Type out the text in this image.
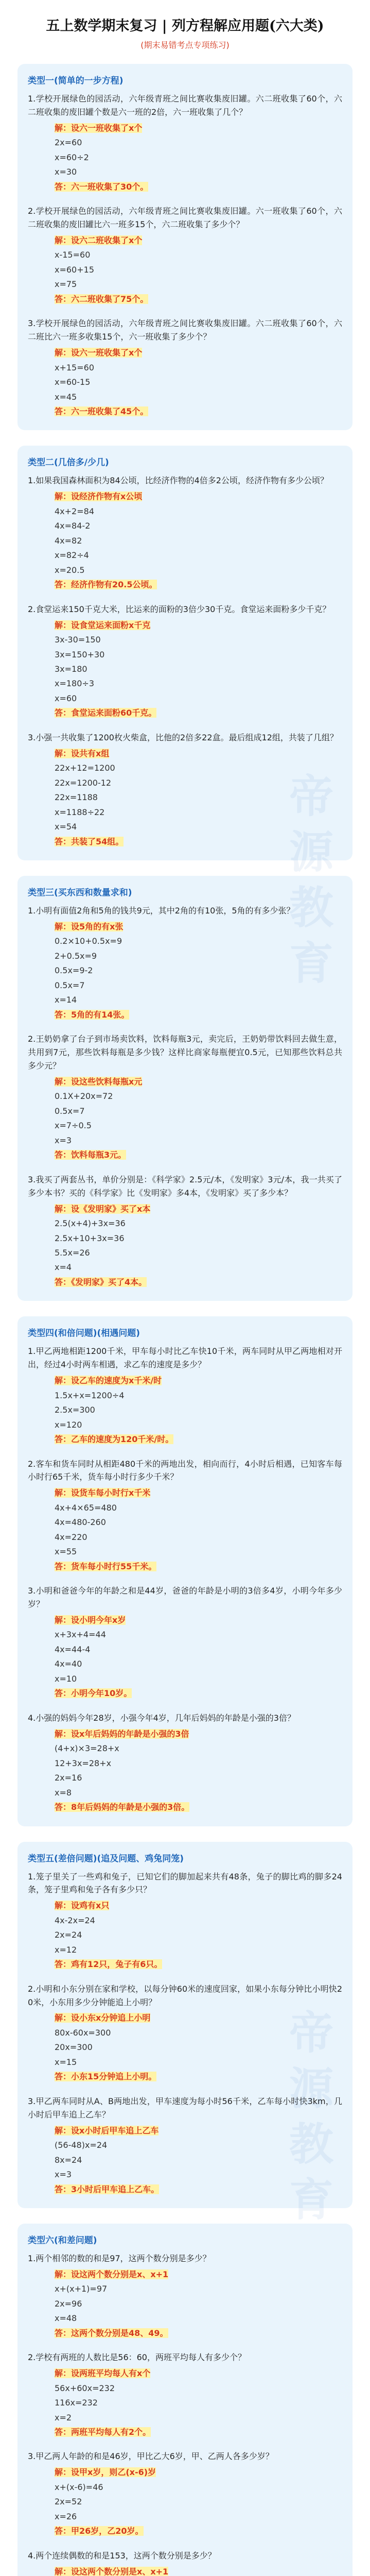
五上数学期末复习 | 列方程解应用题(六大类)
(期末易错考点专项练习)
类型一(简单的一步方程)
1.学校开展绿色的园活动，六年级青班之间比赛收集废旧罐。六二班收集了60个，六二班收集的废旧罐个数是六一班的2倍，六一班收集了几个？
解：设六一班收集了x个
2x=60
x=60÷2
x=30
答：六一班收集了30个。
2.学校开展绿色的园活动，六年级青班之间比赛收集废旧罐。六一班收集了60个，六二班收集的废旧罐比六一班多15个，六二班收集了多少个？
解：设六二班收集了x个
x-15=60
x=60+15
x=75
答：六二班收集了75个。
3.学校开展绿色的园活动，六年级青班之间比赛收集废旧罐。六二班收集了60个，六二班比六一班多收集15个，六一班收集了多少个？
解：设六一班收集了x个
x+15=60
x=60-15
x=45
答：六一班收集了45个。
类型二(几倍多/少几)
1.如果我国森林面积为84公顷，比经济作物的4倍多2公顷，经济作物有多少公顷？
解：设经济作物有x公顷
4x+2=84
4x=84-2
4x=82
x=82÷4
x=20.5
答：经济作物有20.5公顷。
2.食堂运来150千克大米，比运来的面粉的3倍少30千克。食堂运来面粉多少千克？
解：设食堂运来面粉x千克
3x-30=150
3x=150+30
3x=180
x=180÷3
x=60
答：食堂运来面粉60千克。
3.小强一共收集了1200枚火柴盒，比他的2倍多22盒。最后组成12组，共装了几组？
解：设共有x组
22x+12=1200
22x=1200-12
22x=1188
x=1188÷22
x=54
答：共装了54组。
类型三(买东西和数量求和)
1.小明有面值2角和5角的钱共9元，其中2角的有10张，5角的有多少张？
解：设5角的有x张
0.2×10+0.5x=9
2+0.5x=9
0.5x=9-2
0.5x=7
x=14
答：5角的有14张。
2.王奶奶拿了台子到市场卖饮料，饮料每瓶3元，卖完后，王奶奶带饮料回去做生意，共用到7元，那些饮料每瓶是多少钱？这样比商家每瓶便宜0.5元，已知那些饮料总共多少元？
解：设这些饮料每瓶x元
0.1X+20x=72
0.5x=7
x=7÷0.5
x=3
答：饮料每瓶3元。
3.我买了两套丛书，单价分别是：《科学家》2.5元/本，《发明家》3元/本，我一共买了多少本书？买的《科学家》比《发明家》多4本，《发明家》买了多少本？
解：设《发明家》买了x本
2.5(x+4)+3x=36
2.5x+10+3x=36
5.5x=26
x=4
答：《发明家》买了4本。
类型四(和倍问题)(相遇问题)
1.甲乙两地相距1200千米，甲车每小时比乙车快10千米，两车同时从甲乙两地相对开出，经过4小时两车相遇，求乙车的速度是多少？
解：设乙车的速度为x千米/时
1.5x+x=1200÷4
2.5x=300
x=120
答：乙车的速度为120千米/时。
2.客车和货车同时从相距480千米的两地出发，相向而行，4小时后相遇，已知客车每小时行65千米，货车每小时行多少千米？
解：设货车每小时行x千米
4x+4×65=480
4x=480-260
4x=220
x=55
答：货车每小时行55千米。
3.小明和爸爸今年的年龄之和是44岁，爸爸的年龄是小明的3倍多4岁，小明今年多少岁？
解：设小明今年x岁
x+3x+4=44
4x=44-4
4x=40
x=10
答：小明今年10岁。
4.小强的妈妈今年28岁，小强今年4岁，几年后妈妈的年龄是小强的3倍？
解：设x年后妈妈的年龄是小强的3倍
(4+x)×3=28+x
12+3x=28+x
2x=16
x=8
答：8年后妈妈的年龄是小强的3倍。
类型五(差倍问题)(追及问题、鸡兔同笼)
1.笼子里关了一些鸡和兔子，已知它们的脚加起来共有48条，兔子的脚比鸡的脚多24条，笼子里鸡和兔子各有多少只？
解：设鸡有x只
4x-2x=24
2x=24
x=12
答：鸡有12只，兔子有6只。
2.小明和小东分别在家和学校，以每分钟60米的速度回家，如果小东每分钟比小明快20米，小东用多少分钟能追上小明？
解：设小东x分钟追上小明
80x-60x=300
20x=300
x=15
答：小东15分钟追上小明。
3.甲乙两车同时从A、B两地出发，甲车速度为每小时56千米，乙车每小时快3km，几小时后甲车追上乙车？
解：设x小时后甲车追上乙车
(56-48)x=24
8x=24
x=3
答：3小时后甲车追上乙车。
类型六(和差问题)
1.两个相邻的数的和是97，这两个数分别是多少？
解：设这两个数分别是x、x+1
x+(x+1)=97
2x=96
x=48
答：这两个数分别是48、49。
2.学校有两班的人数比是56：60，两班平均每人有多少个？
解：设两班平均每人有x个
56x+60x=232
116x=232
x=2
答：两班平均每人有2个。
3.甲乙两人年龄的和是46岁，甲比乙大6岁，甲、乙两人各多少岁？
解：设甲x岁，则乙(x-6)岁
x+(x-6)=46
2x=52
x=26
答：甲26岁，乙20岁。
4.两个连续偶数的和是153，这两个数分别是多少？
解：设这两个数分别是x、x+1
